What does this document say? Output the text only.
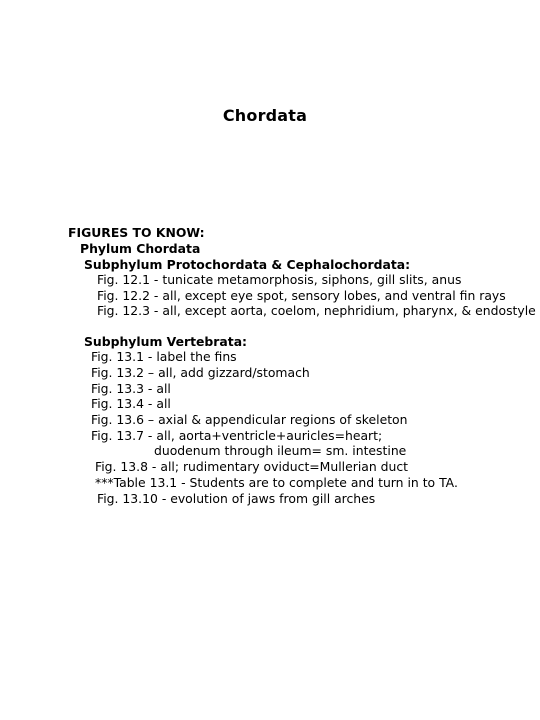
Chordata
FIGURES TO KNOW:
Phylum Chordata
Subphylum Protochordata & Cephalochordata:
Fig. 12.1 - tunicate metamorphosis, siphons, gill slits, anus
Fig. 12.2 - all, except eye spot, sensory lobes, and ventral fin rays
Fig. 12.3 - all, except aorta, coelom, nephridium, pharynx, & endostyle
Subphylum Vertebrata:
Fig. 13.1 - label the fins
Fig. 13.2 – all, add gizzard/stomach
Fig. 13.3 - all
Fig. 13.4 - all
Fig. 13.6 – axial & appendicular regions of skeleton
Fig. 13.7 - all, aorta+ventricle+auricles=heart;
duodenum through ileum= sm. intestine
Fig. 13.8 - all; rudimentary oviduct=Mullerian duct
***Table 13.1 - Students are to complete and turn in to TA.
Fig. 13.10 - evolution of jaws from gill arches
